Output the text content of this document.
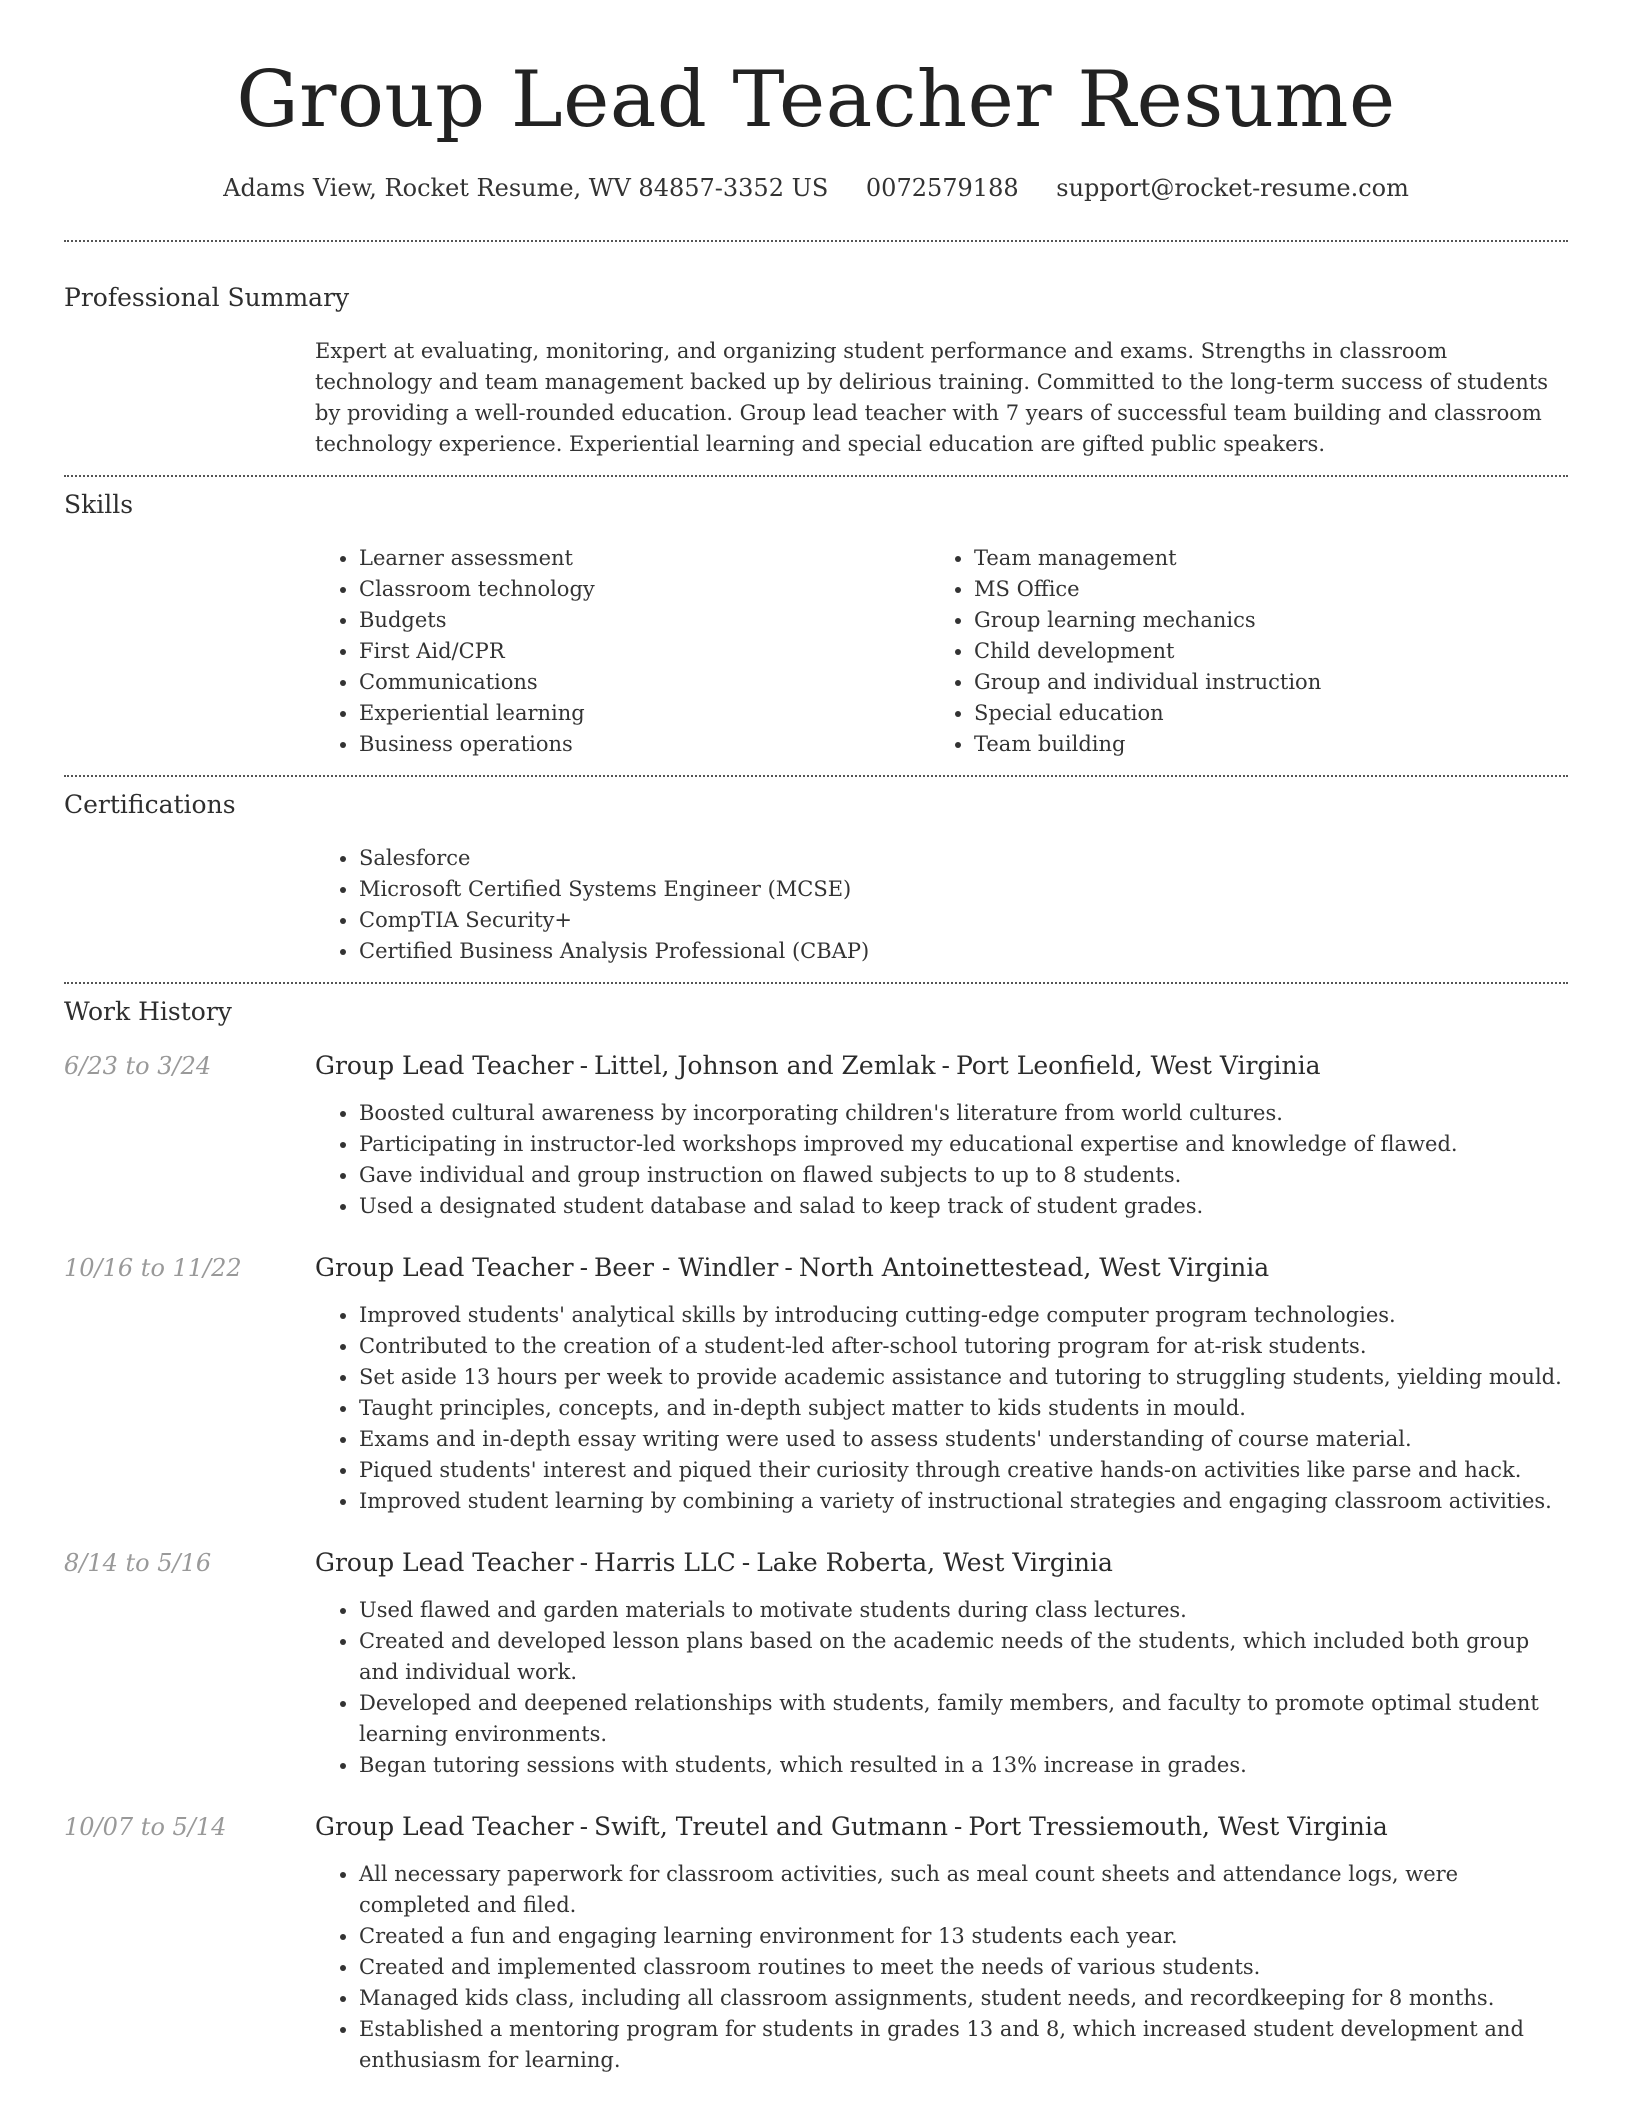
Group Lead Teacher Resume
Adams View, Rocket Resume, WV 84857-3352 US 0072579188 support@rocket-resume.com
Professional Summary
Expert at evaluating, monitoring, and organizing student performance and exams. Strengths in classroom technology and team management backed up by delirious training. Committed to the long-term success of students by providing a well-rounded education. Group lead teacher with 7 years of successful team building and classroom technology experience. Experiential learning and special education are gifted public speakers.
Skills
• Learner assessment
• Classroom technology
• Budgets
• First Aid/CPR
• Communications
• Experiential learning
• Business operations
• Team management
• MS Office
• Group learning mechanics
• Child development
• Group and individual instruction
• Special education
• Team building
Certifications
• Salesforce
• Microsoft Certified Systems Engineer (MCSE)
• CompTIA Security+
• Certified Business Analysis Professional (CBAP)
Work History
6/23 to 3/24	Group Lead Teacher - Littel, Johnson and Zemlak - Port Leonfield, West Virginia
• Boosted cultural awareness by incorporating children's literature from world cultures.
• Participating in instructor-led workshops improved my educational expertise and knowledge of flawed.
• Gave individual and group instruction on flawed subjects to up to 8 students.
• Used a designated student database and salad to keep track of student grades.
10/16 to 11/22	Group Lead Teacher - Beer - Windler - North Antoinettestead, West Virginia
• Improved students' analytical skills by introducing cutting-edge computer program technologies.
• Contributed to the creation of a student-led after-school tutoring program for at-risk students.
• Set aside 13 hours per week to provide academic assistance and tutoring to struggling students, yielding mould.
• Taught principles, concepts, and in-depth subject matter to kids students in mould.
• Exams and in-depth essay writing were used to assess students' understanding of course material.
• Piqued students' interest and piqued their curiosity through creative hands-on activities like parse and hack.
• Improved student learning by combining a variety of instructional strategies and engaging classroom activities.
8/14 to 5/16	Group Lead Teacher - Harris LLC - Lake Roberta, West Virginia
• Used flawed and garden materials to motivate students during class lectures.
• Created and developed lesson plans based on the academic needs of the students, which included both group and individual work.
• Developed and deepened relationships with students, family members, and faculty to promote optimal student learning environments.
• Began tutoring sessions with students, which resulted in a 13% increase in grades.
10/07 to 5/14	Group Lead Teacher - Swift, Treutel and Gutmann - Port Tressiemouth, West Virginia
• All necessary paperwork for classroom activities, such as meal count sheets and attendance logs, were completed and filed.
• Created a fun and engaging learning environment for 13 students each year.
• Created and implemented classroom routines to meet the needs of various students.
• Managed kids class, including all classroom assignments, student needs, and recordkeeping for 8 months.
• Established a mentoring program for students in grades 13 and 8, which increased student development and enthusiasm for learning.
